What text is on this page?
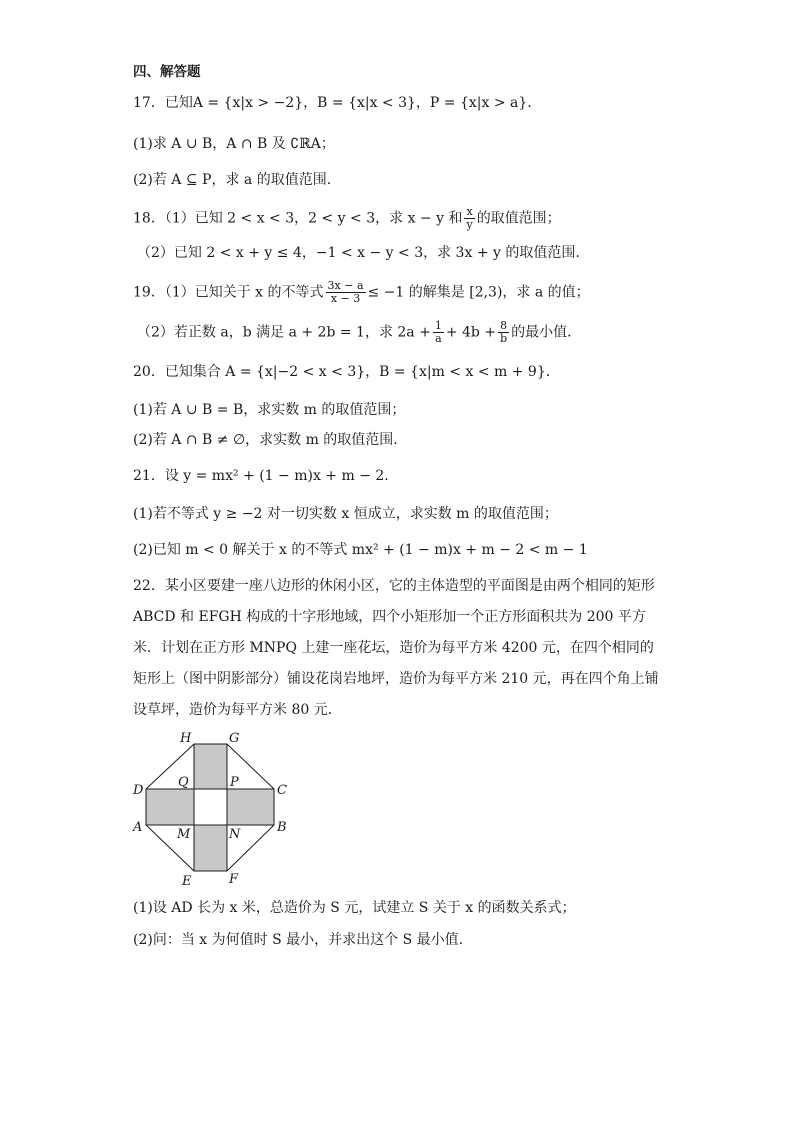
四、解答题
17．已知A = {x|x > −2}，B = {x|x < 3}，P = {x|x > a}.
(1)求 A ∪ B，A ∩ B 及 ∁ℝA；
(2)若 A ⊆ P，求 a 的取值范围.
18．（1）已知 2 < x < 3，2 < y < 3，求 x − y 和 $\frac{x}{y}$ 的取值范围；
（2）已知 2 < x + y ≤ 4，−1 < x − y < 3，求 3x + y 的取值范围.
19．（1）已知关于 x 的不等式 $\frac{3x - a}{x - 3} \le -1$ 的解集是 [2,3)，求 a 的值；
（2）若正数 a，b 满足 a + 2b = 1，求 $2a + \frac{1}{a} + 4b + \frac{8}{b}$ 的最小值．
20．已知集合 A = {x|−2 < x < 3}，B = {x|m < x < m + 9}．
(1)若 A ∪ B = B，求实数 m 的取值范围；
(2)若 A ∩ B ≠ ∅，求实数 m 的取值范围．
21．设 y = mx² + (1 − m)x + m − 2．
(1)若不等式 y ≥ −2 对一切实数 x 恒成立，求实数 m 的取值范围；
(2)已知 m < 0 解关于 x 的不等式 mx² + (1 − m)x + m − 2 < m − 1
22．某小区要建一座八边形的休闲小区，它的主体造型的平面图是由两个相同的矩形 ABCD 和 EFGH 构成的十字形地域，四个小矩形加一个正方形面积共为 200 平方米．计划在正方形 MNPQ 上建一座花坛，造价为每平方米 4200 元，在四个相同的矩形上（图中阴影部分）铺设花岗岩地坪，造价为每平方米 210 元，再在四个角上铺设草坪，造价为每平方米 80 元．
H	G
D	C
A	B
E	F
Q	P
M	N
(1)设 AD 长为 x 米，总造价为 S 元，试建立 S 关于 x 的函数关系式；
(2)问：当 x 为何值时 S 最小，并求出这个 S 最小值.
